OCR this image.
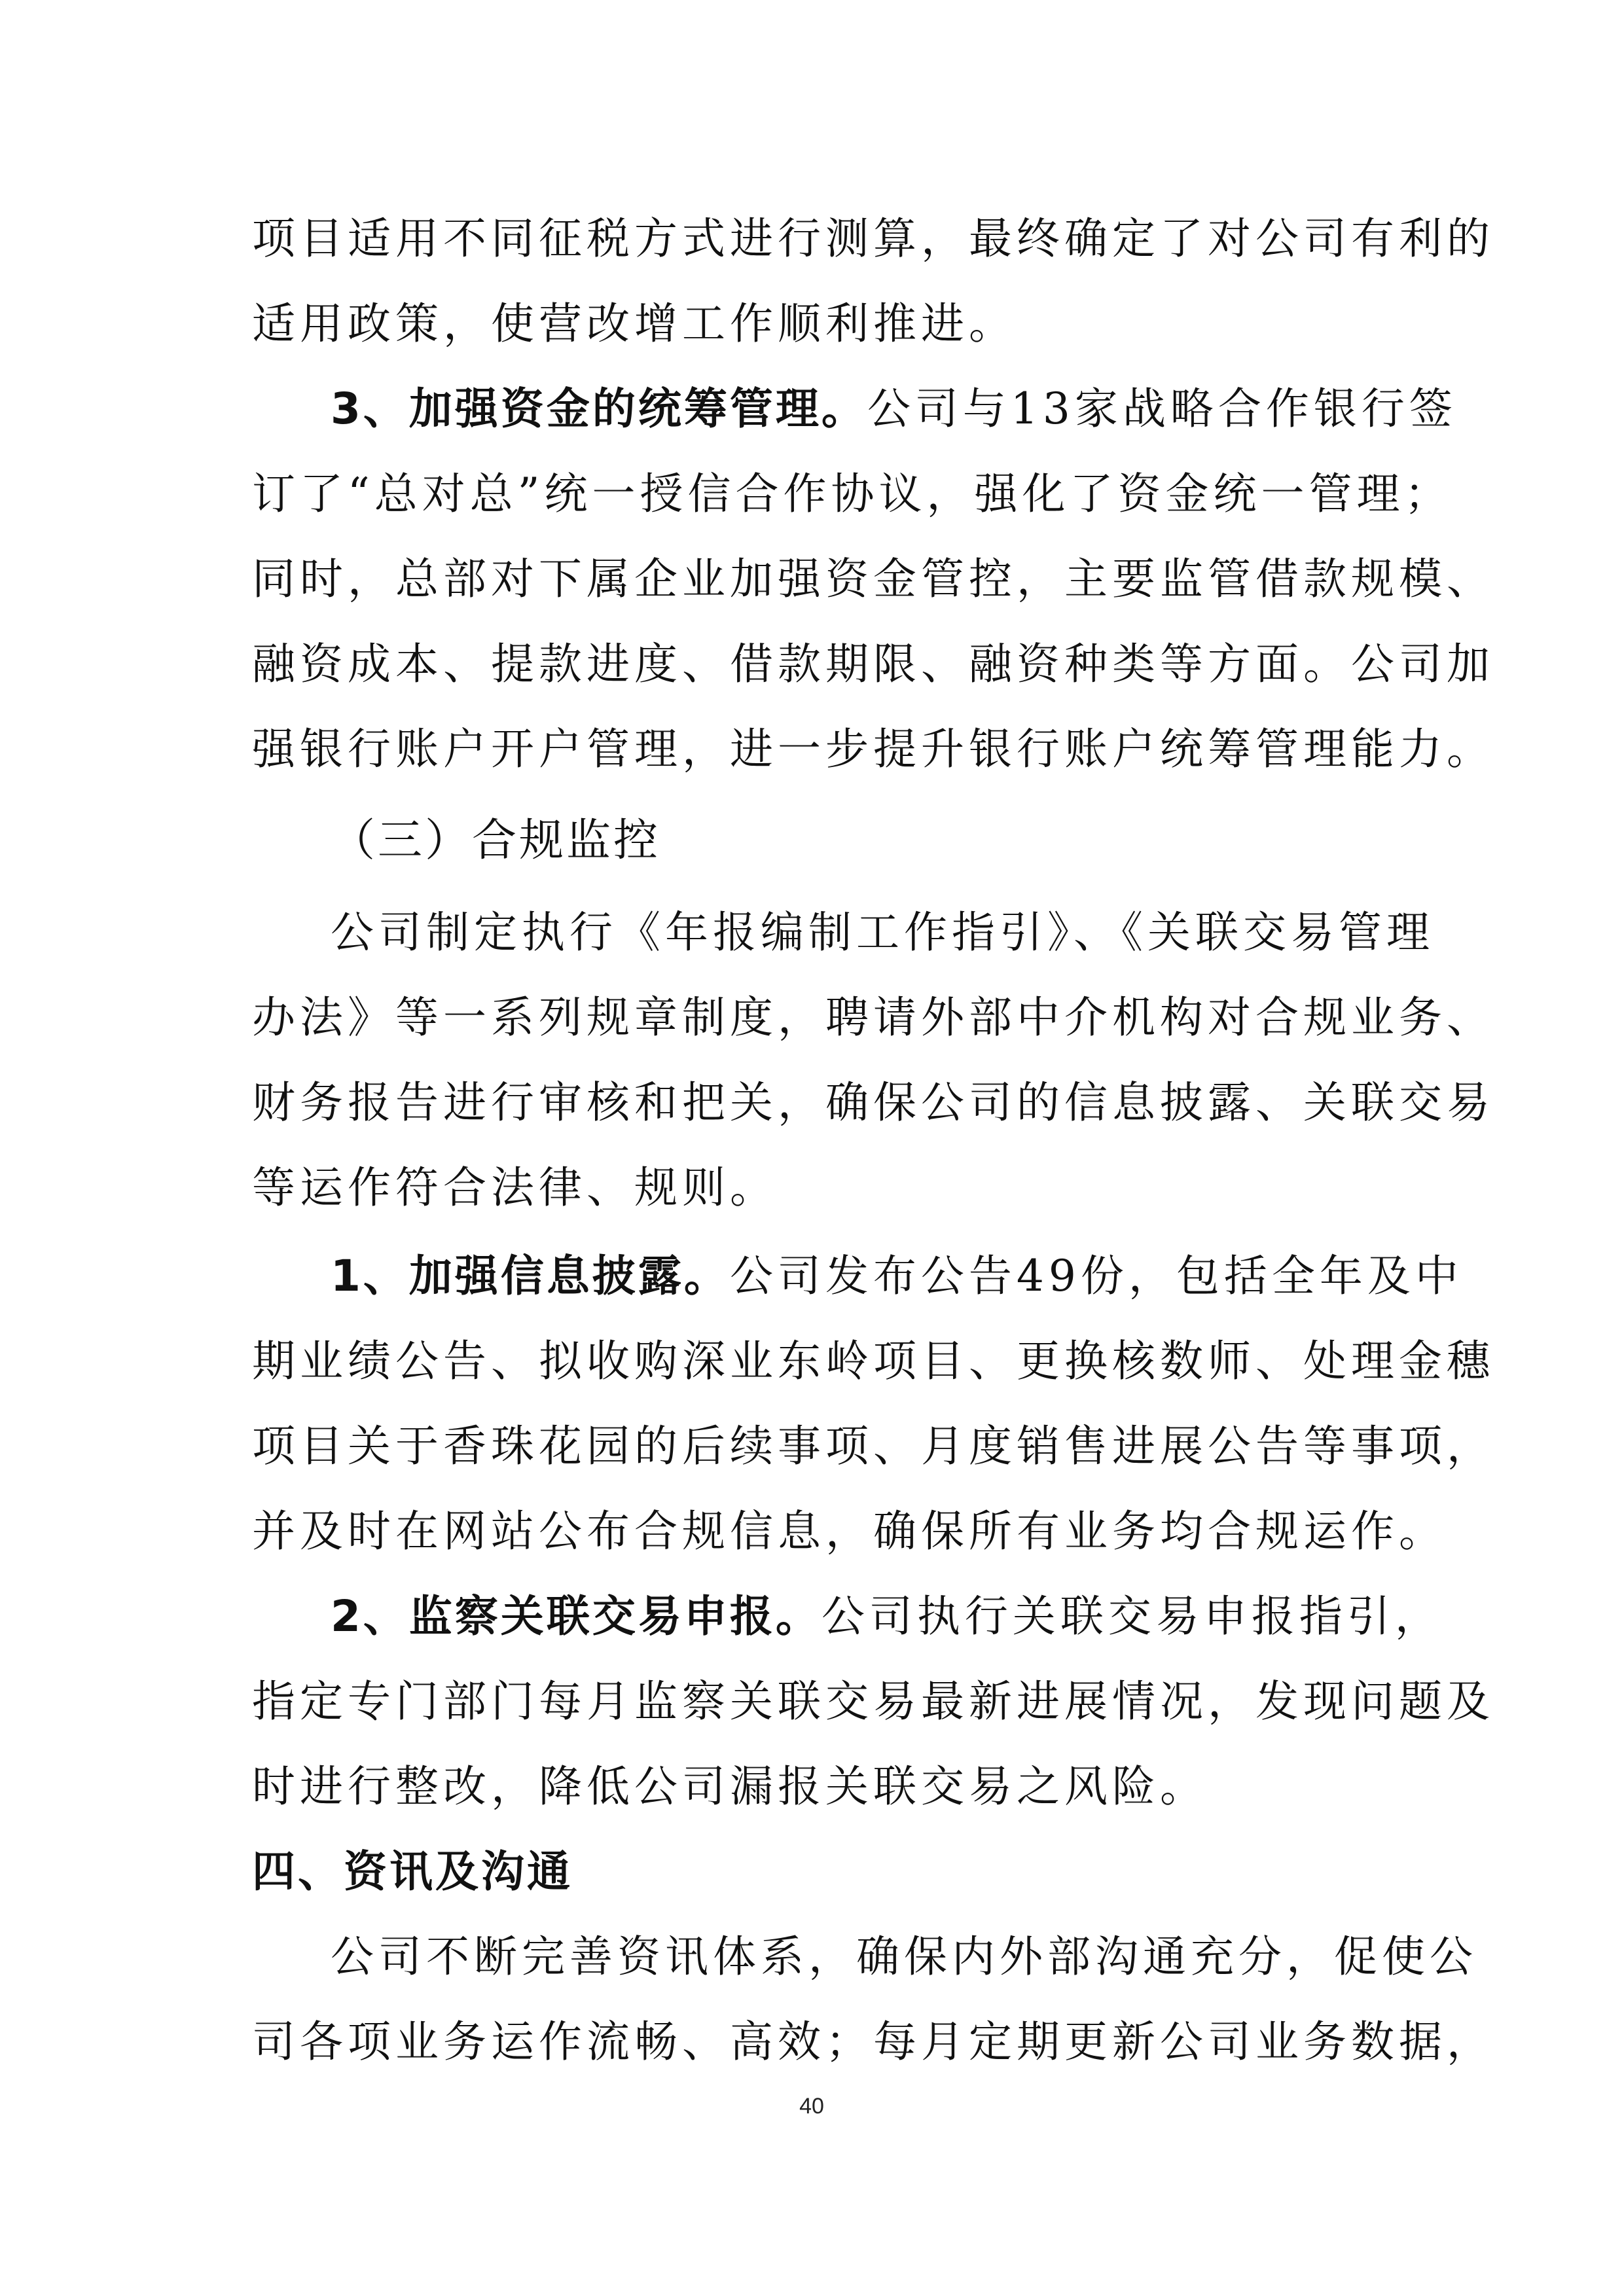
项目适用不同征税方式进行测算，最终确定了对公司有利的
适用政策，使营改增工作顺利推进。
3、加强资金的统筹管理。公司与13家战略合作银行签
订了“总对总”统一授信合作协议，强化了资金统一管理；
同时，总部对下属企业加强资金管控，主要监管借款规模、
融资成本、提款进度、借款期限、融资种类等方面。公司加
强银行账户开户管理，进一步提升银行账户统筹管理能力。
（三）合规监控
公司制定执行《年报编制工作指引》、《关联交易管理
办法》等一系列规章制度，聘请外部中介机构对合规业务、
财务报告进行审核和把关，确保公司的信息披露、关联交易
等运作符合法律、规则。
1、加强信息披露。公司发布公告49份，包括全年及中
期业绩公告、拟收购深业东岭项目、更换核数师、处理金穗
项目关于香珠花园的后续事项、月度销售进展公告等事项，
并及时在网站公布合规信息，确保所有业务均合规运作。
2、监察关联交易申报。公司执行关联交易申报指引，
指定专门部门每月监察关联交易最新进展情况，发现问题及
时进行整改，降低公司漏报关联交易之风险。
四、资讯及沟通
公司不断完善资讯体系，确保内外部沟通充分，促使公
司各项业务运作流畅、高效；每月定期更新公司业务数据，
40
